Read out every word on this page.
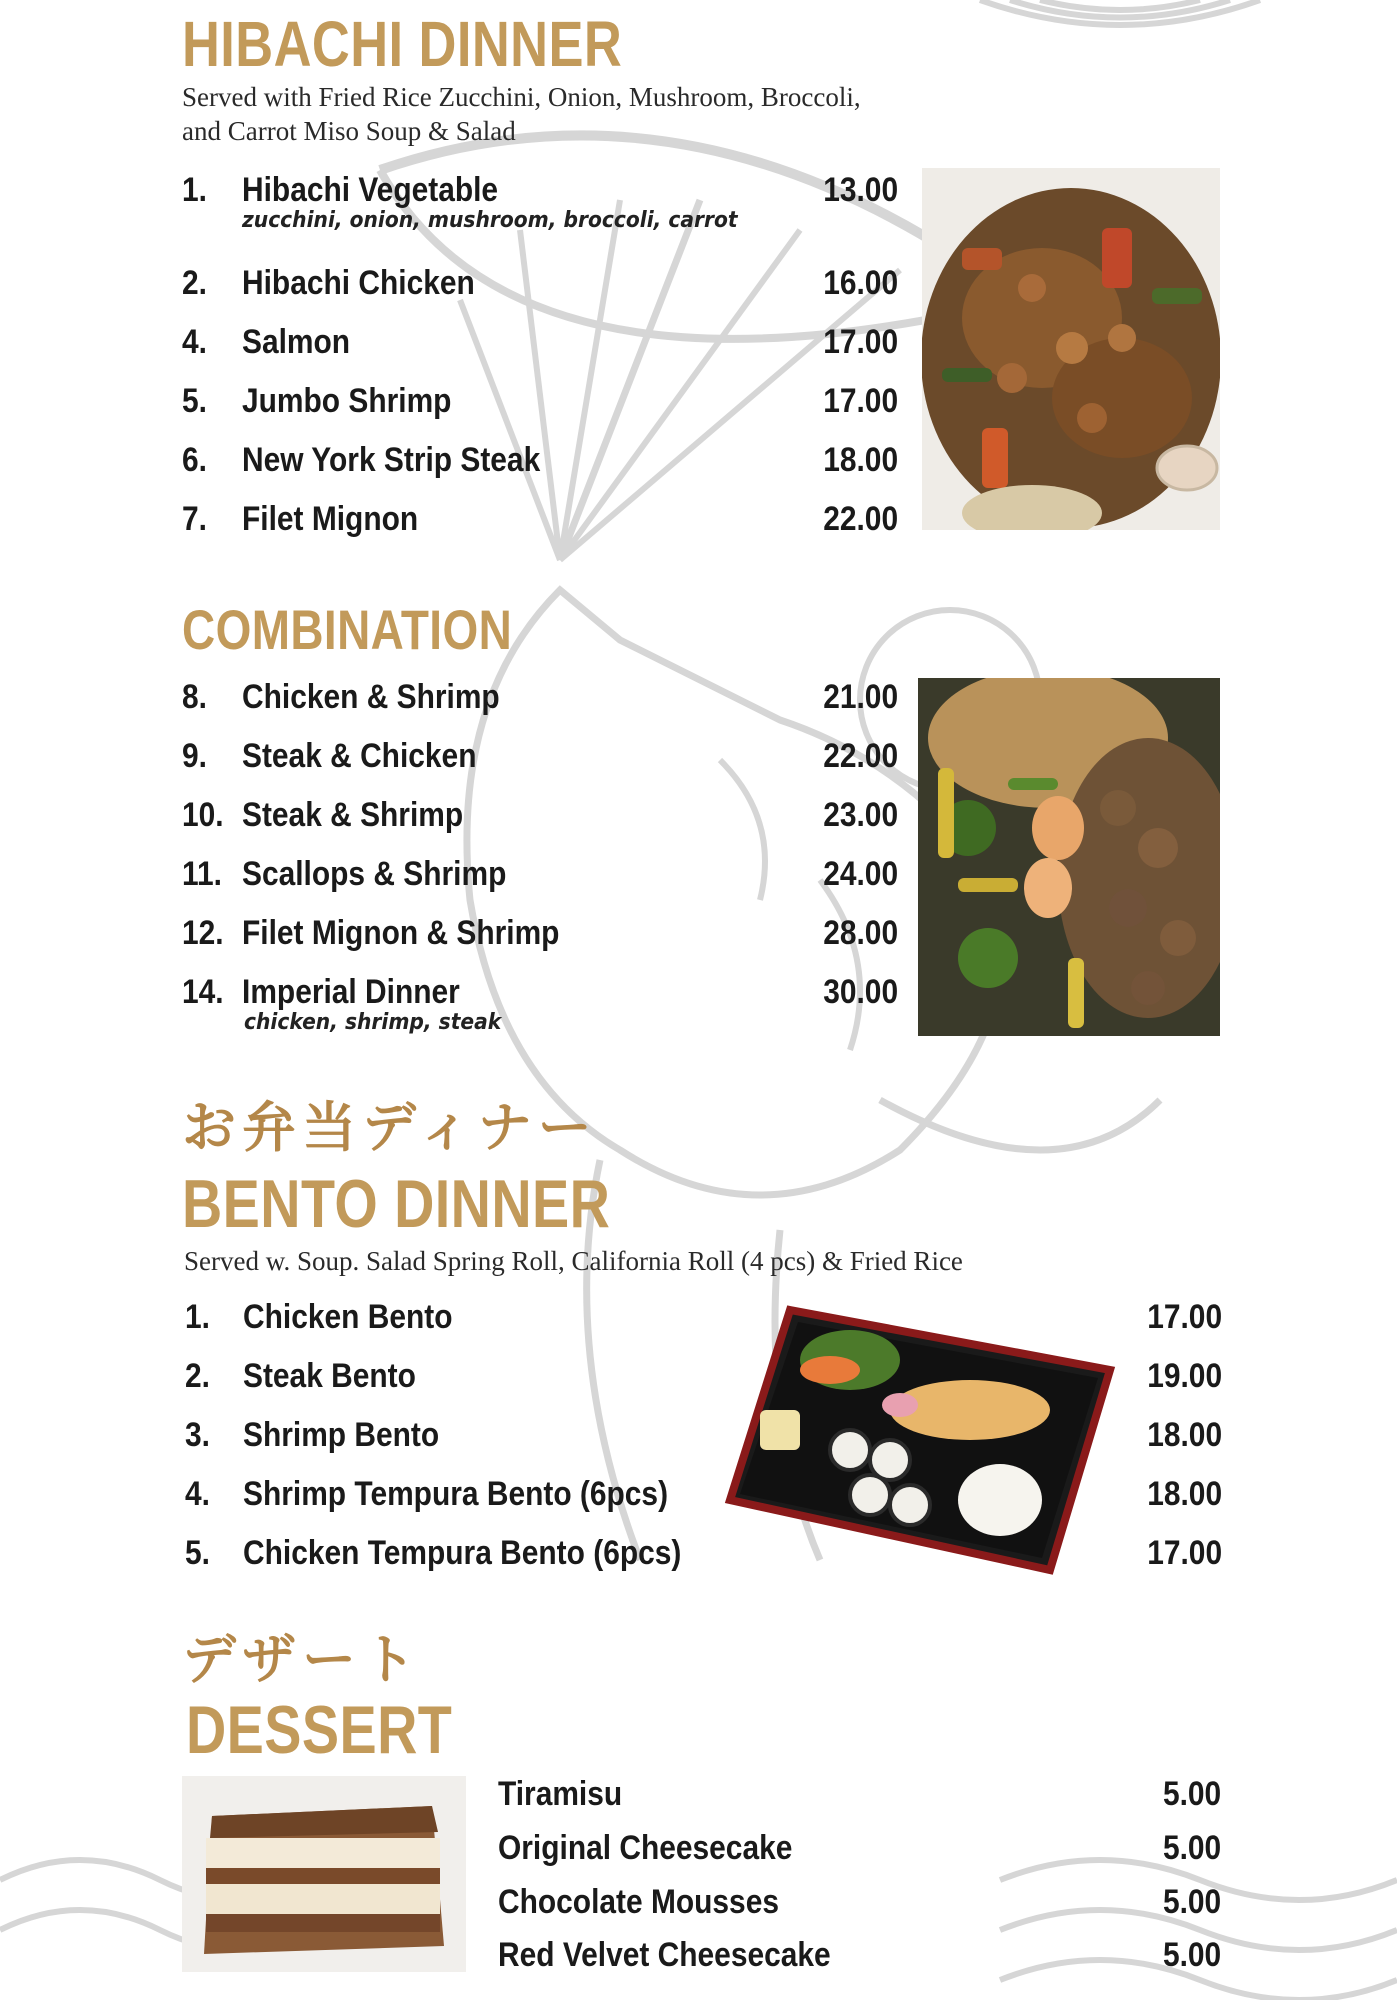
HIBACHI DINNER
Served with Fried Rice Zucchini, Onion, Mushroom, Broccoli,
and Carrot Miso Soup & Salad
1. Hibachi Vegetable	13.00
zucchini, onion, mushroom, broccoli, carrot
2. Hibachi Chicken	16.00
4. Salmon	17.00
5. Jumbo Shrimp	17.00
6. New York Strip Steak	18.00
7. Filet Mignon	22.00
COMBINATION
8. Chicken & Shrimp	21.00
9. Steak & Chicken	22.00
10. Steak & Shrimp	23.00
11. Scallops & Shrimp	24.00
12. Filet Mignon & Shrimp	28.00
14. Imperial Dinner	30.00
chicken, shrimp, steak
お弁当ディナー
BENTO DINNER
Served w. Soup. Salad Spring Roll, California Roll (4 pcs) & Fried Rice
1. Chicken Bento	17.00
2. Steak Bento	19.00
3. Shrimp Bento	18.00
4. Shrimp Tempura Bento (6pcs)	18.00
5. Chicken Tempura Bento (6pcs)	17.00
デザート
DESSERT
Tiramisu	5.00
Original Cheesecake	5.00
Chocolate Mousses	5.00
Red Velvet Cheesecake	5.00
